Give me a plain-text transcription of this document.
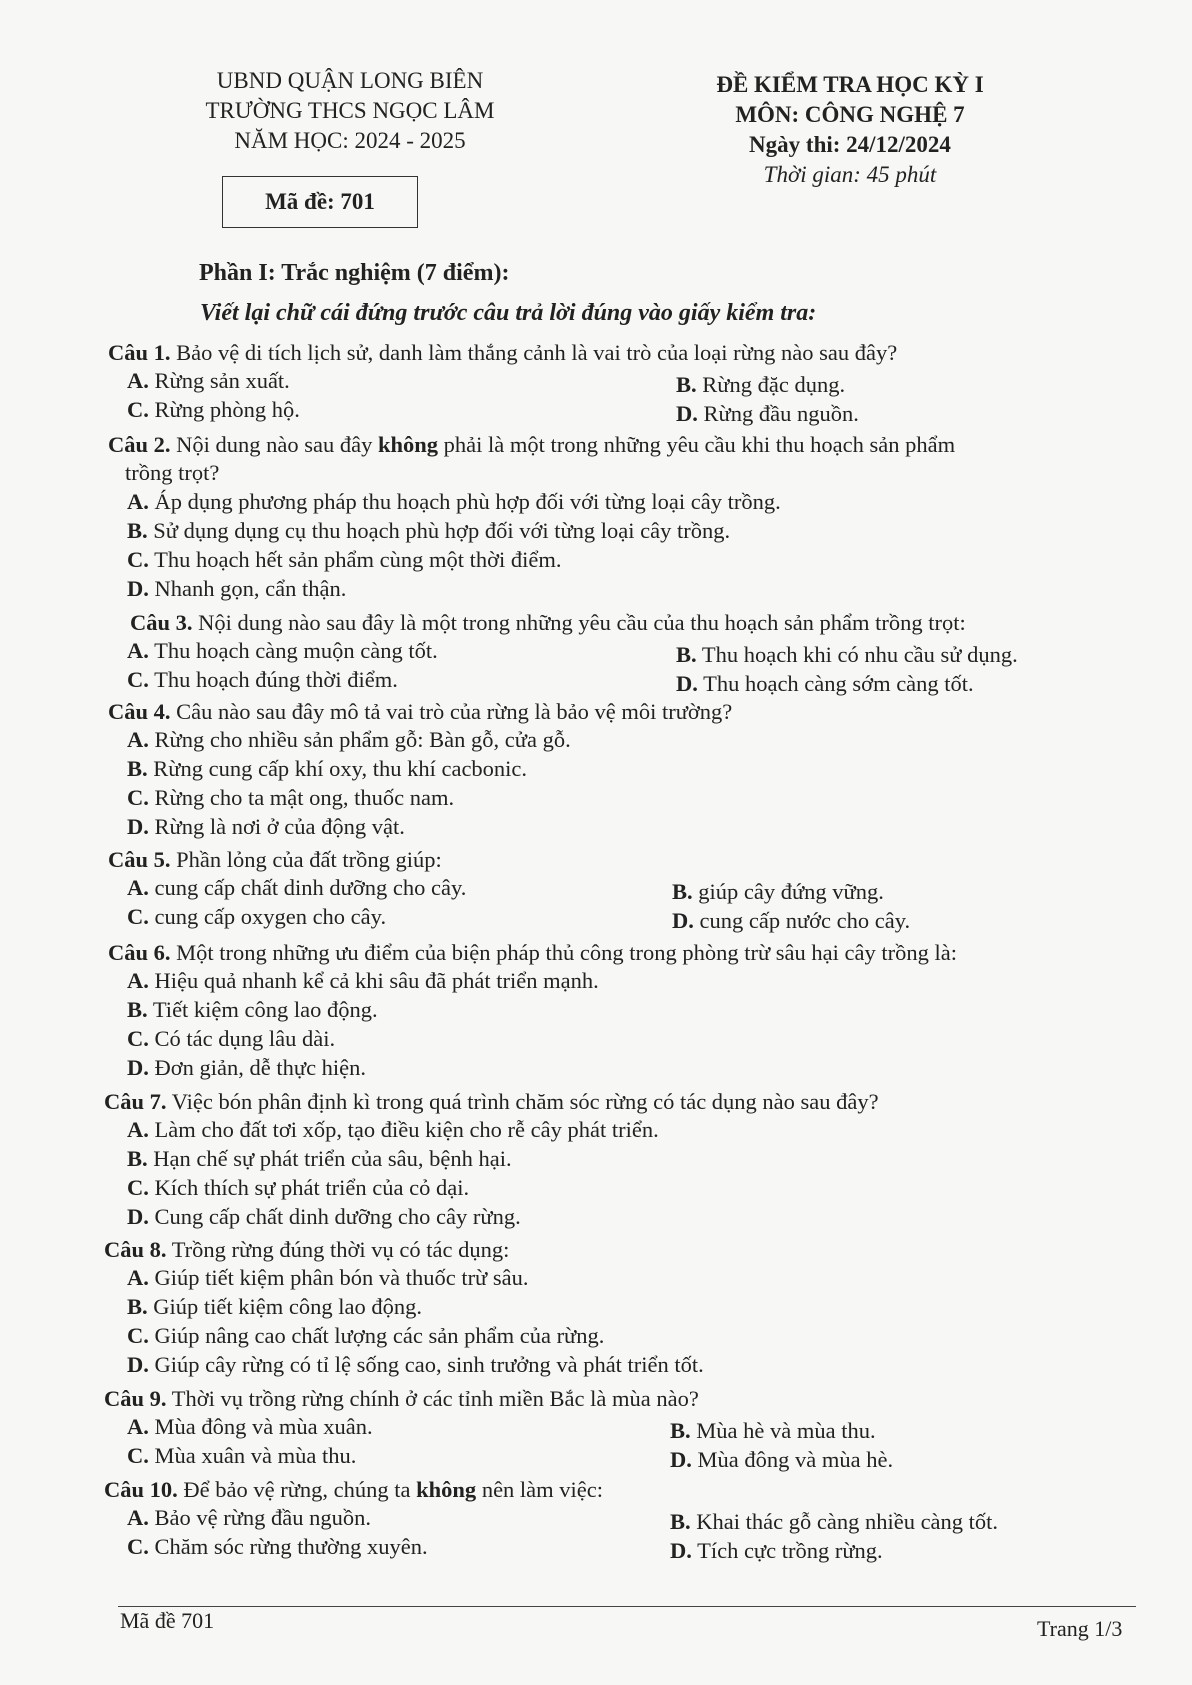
UBND QUẬN LONG BIÊN
TRƯỜNG THCS NGỌC LÂM
NĂM HỌC: 2024 - 2025
ĐỀ KIỂM TRA HỌC KỲ I
MÔN: CÔNG NGHỆ 7
Ngày thi: 24/12/2024
Thời gian: 45 phút
Mã đề: 701
Phần I: Trắc nghiệm (7 điểm):
Viết lại chữ cái đứng trước câu trả lời đúng vào giấy kiểm tra:
Câu 1. Bảo vệ di tích lịch sử, danh làm thắng cảnh là vai trò của loại rừng nào sau đây?
A. Rừng sản xuất.	B. Rừng đặc dụng.
C. Rừng phòng hộ.	D. Rừng đầu nguồn.
Câu 2. Nội dung nào sau đây không phải là một trong những yêu cầu khi thu hoạch sản phẩm
trồng trọt?
A. Áp dụng phương pháp thu hoạch phù hợp đối với từng loại cây trồng.
B. Sử dụng dụng cụ thu hoạch phù hợp đối với từng loại cây trồng.
C. Thu hoạch hết sản phẩm cùng một thời điểm.
D. Nhanh gọn, cẩn thận.
Câu 3. Nội dung nào sau đây là một trong những yêu cầu của thu hoạch sản phẩm trồng trọt:
A. Thu hoạch càng muộn càng tốt.	B. Thu hoạch khi có nhu cầu sử dụng.
C. Thu hoạch đúng thời điểm.	D. Thu hoạch càng sớm càng tốt.
Câu 4. Câu nào sau đây mô tả vai trò của rừng là bảo vệ môi trường?
A. Rừng cho nhiều sản phẩm gỗ: Bàn gỗ, cửa gỗ.
B. Rừng cung cấp khí oxy, thu khí cacbonic.
C. Rừng cho ta mật ong, thuốc nam.
D. Rừng là nơi ở của động vật.
Câu 5. Phần lỏng của đất trồng giúp:
A. cung cấp chất dinh dưỡng cho cây.	B. giúp cây đứng vững.
C. cung cấp oxygen cho cây.	D. cung cấp nước cho cây.
Câu 6. Một trong những ưu điểm của biện pháp thủ công trong phòng trừ sâu hại cây trồng là:
A. Hiệu quả nhanh kể cả khi sâu đã phát triển mạnh.
B. Tiết kiệm công lao động.
C. Có tác dụng lâu dài.
D. Đơn giản, dễ thực hiện.
Câu 7. Việc bón phân định kì trong quá trình chăm sóc rừng có tác dụng nào sau đây?
A. Làm cho đất tơi xốp, tạo điều kiện cho rễ cây phát triển.
B. Hạn chế sự phát triển của sâu, bệnh hại.
C. Kích thích sự phát triển của cỏ dại.
D. Cung cấp chất dinh dưỡng cho cây rừng.
Câu 8. Trồng rừng đúng thời vụ có tác dụng:
A. Giúp tiết kiệm phân bón và thuốc trừ sâu.
B. Giúp tiết kiệm công lao động.
C. Giúp nâng cao chất lượng các sản phẩm của rừng.
D. Giúp cây rừng có tỉ lệ sống cao, sinh trưởng và phát triển tốt.
Câu 9. Thời vụ trồng rừng chính ở các tỉnh miền Bắc là mùa nào?
A. Mùa đông và mùa xuân.	B. Mùa hè và mùa thu.
C. Mùa xuân và mùa thu.	D. Mùa đông và mùa hè.
Câu 10. Để bảo vệ rừng, chúng ta không nên làm việc:
A. Bảo vệ rừng đầu nguồn.	B. Khai thác gỗ càng nhiều càng tốt.
C. Chăm sóc rừng thường xuyên.	D. Tích cực trồng rừng.
Mã đề 701	Trang 1/3
